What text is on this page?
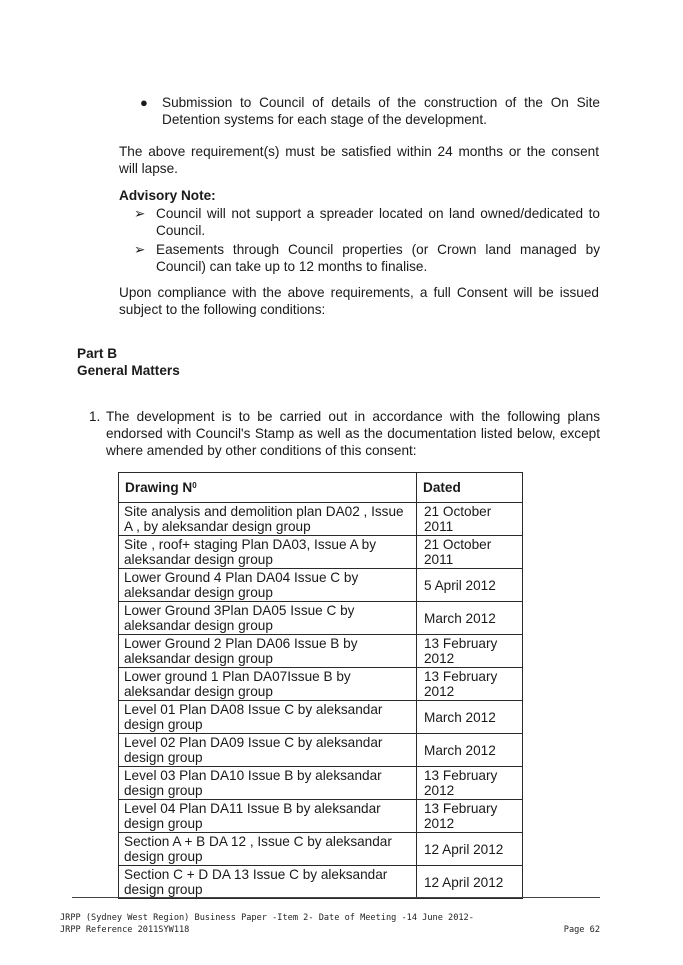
● Submission to Council of details of the construction of the On Site Detention systems for each stage of the development.
The above requirement(s) must be satisfied within 24 months or the consent will lapse.
Advisory Note:
➢ Council will not support a spreader located on land owned/dedicated to Council.
➢ Easements through Council properties (or Crown land managed by Council) can take up to 12 months to finalise.
Upon compliance with the above requirements, a full Consent will be issued subject to the following conditions:
Part B
General Matters
1. The development is to be carried out in accordance with the following plans endorsed with Council's Stamp as well as the documentation listed below, except where amended by other conditions of this consent:
Drawing $N^0$	Dated
Site analysis and demolition plan DA02 , Issue A , by aleksandar design group	21 October 2011
Site , roof+ staging Plan DA03, Issue A by aleksandar design group	21 October 2011
Lower Ground 4 Plan DA04 Issue C by aleksandar design group	5 April 2012
Lower Ground 3Plan DA05 Issue C by aleksandar design group	March 2012
Lower Ground 2 Plan DA06 Issue B by aleksandar design group	13 February 2012
Lower ground 1 Plan DA07Issue B by aleksandar design group	13 February 2012
Level 01 Plan DA08 Issue C by aleksandar design group	March 2012
Level 02 Plan DA09 Issue C by aleksandar design group	March 2012
Level 03 Plan DA10 Issue B by aleksandar design group	13 February 2012
Level 04 Plan DA11 Issue B by aleksandar design group	13 February 2012
Section A + B DA 12 , Issue C by aleksandar design group	12 April 2012
Section C + D DA 13 Issue C by aleksandar design group	12 April 2012
JRPP (Sydney West Region) Business Paper -Item 2- Date of Meeting -14 June 2012-
JRPP Reference 2011SYW118	Page 62
